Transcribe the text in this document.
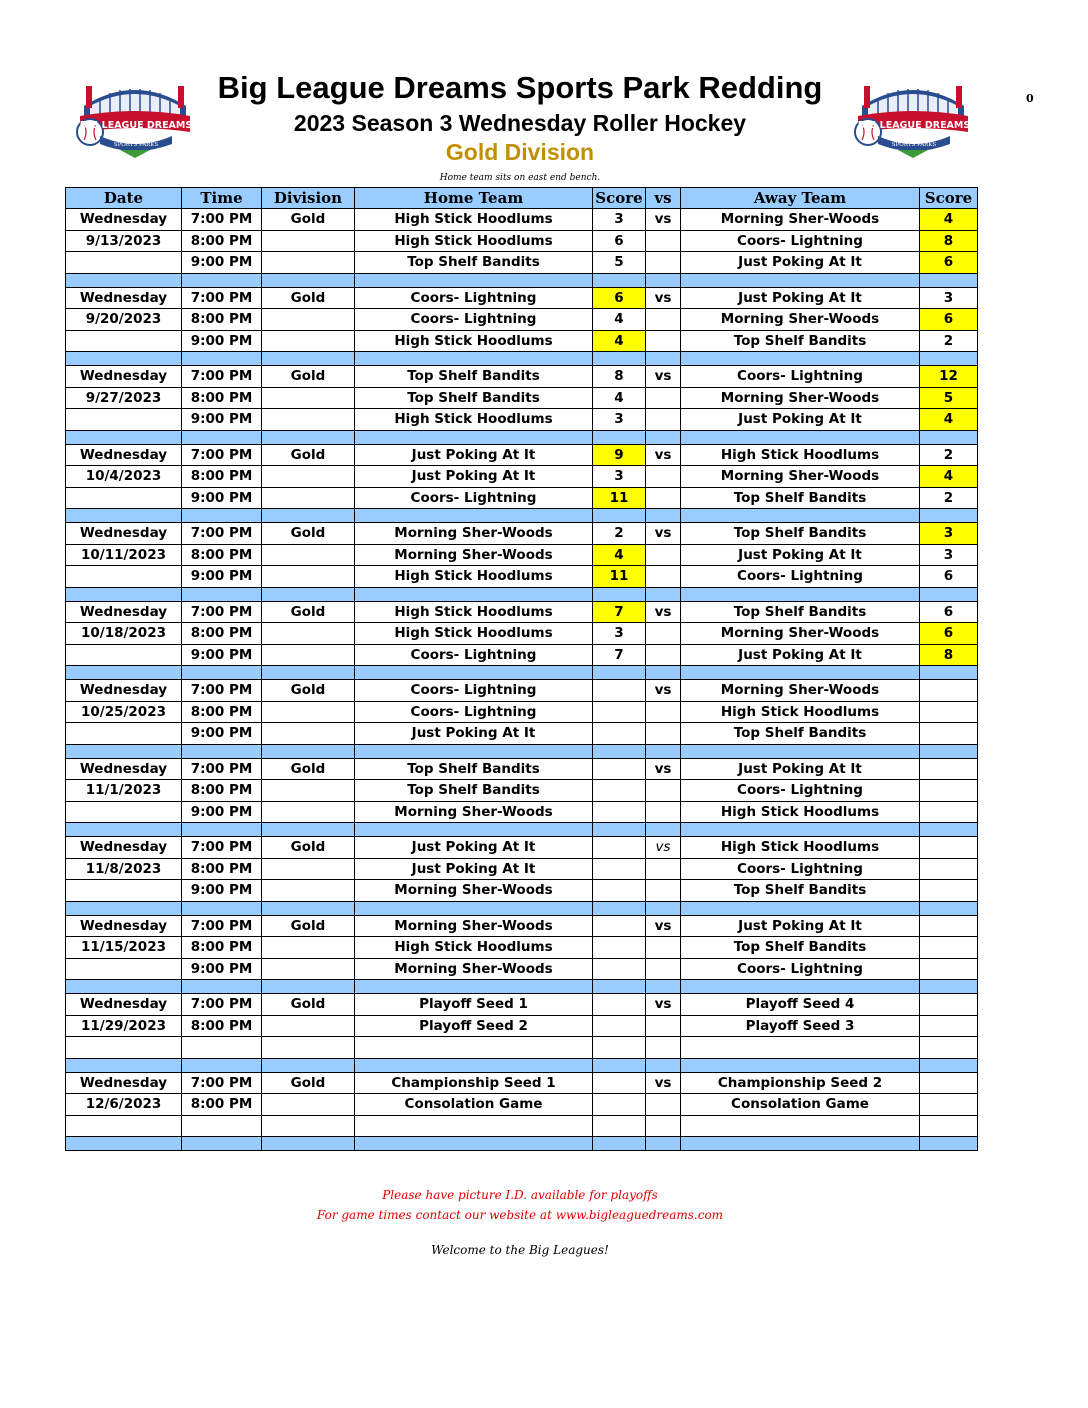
BIG LEAGUE DREAMS
SPORTS PARKS
BIG LEAGUE DREAMS
SPORTS PARKS
Big League Dreams Sports Park Redding
2023 Season 3 Wednesday Roller Hockey
Gold Division
0
Home team sits on east end bench.
Date	Time	Division	Home Team	Score	vs	Away Team	Score
Wednesday	7:00 PM	Gold	High Stick Hoodlums	3	vs	Morning Sher-Woods	4
9/13/2023	8:00 PM		High Stick Hoodlums	6		Coors- Lightning	8
	9:00 PM		Top Shelf Bandits	5		Just Poking At It	6

Wednesday	7:00 PM	Gold	Coors- Lightning	6	vs	Just Poking At It	3
9/20/2023	8:00 PM		Coors- Lightning	4		Morning Sher-Woods	6
	9:00 PM		High Stick Hoodlums	4		Top Shelf Bandits	2

Wednesday	7:00 PM	Gold	Top Shelf Bandits	8	vs	Coors- Lightning	12
9/27/2023	8:00 PM		Top Shelf Bandits	4		Morning Sher-Woods	5
	9:00 PM		High Stick Hoodlums	3		Just Poking At It	4

Wednesday	7:00 PM	Gold	Just Poking At It	9	vs	High Stick Hoodlums	2
10/4/2023	8:00 PM		Just Poking At It	3		Morning Sher-Woods	4
	9:00 PM		Coors- Lightning	11		Top Shelf Bandits	2

Wednesday	7:00 PM	Gold	Morning Sher-Woods	2	vs	Top Shelf Bandits	3
10/11/2023	8:00 PM		Morning Sher-Woods	4		Just Poking At It	3
	9:00 PM		High Stick Hoodlums	11		Coors- Lightning	6

Wednesday	7:00 PM	Gold	High Stick Hoodlums	7	vs	Top Shelf Bandits	6
10/18/2023	8:00 PM		High Stick Hoodlums	3		Morning Sher-Woods	6
	9:00 PM		Coors- Lightning	7		Just Poking At It	8

Wednesday	7:00 PM	Gold	Coors- Lightning		vs	Morning Sher-Woods	
10/25/2023	8:00 PM		Coors- Lightning			High Stick Hoodlums	
	9:00 PM		Just Poking At It			Top Shelf Bandits	

Wednesday	7:00 PM	Gold	Top Shelf Bandits		vs	Just Poking At It	
11/1/2023	8:00 PM		Top Shelf Bandits			Coors- Lightning	
	9:00 PM		Morning Sher-Woods			High Stick Hoodlums	

Wednesday	7:00 PM	Gold	Just Poking At It		vs	High Stick Hoodlums	
11/8/2023	8:00 PM		Just Poking At It			Coors- Lightning	
	9:00 PM		Morning Sher-Woods			Top Shelf Bandits	

Wednesday	7:00 PM	Gold	Morning Sher-Woods		vs	Just Poking At It	
11/15/2023	8:00 PM		High Stick Hoodlums			Top Shelf Bandits	
	9:00 PM		Morning Sher-Woods			Coors- Lightning	

Wednesday	7:00 PM	Gold	Playoff Seed 1		vs	Playoff Seed 4	
11/29/2023	8:00 PM		Playoff Seed 2			Playoff Seed 3	

Wednesday	7:00 PM	Gold	Championship Seed 1		vs	Championship Seed 2	
12/6/2023	8:00 PM		Consolation Game			Consolation Game	

Please have picture I.D. available for playoffs
For game times contact our website at www.bigleaguedreams.com
Welcome to the Big Leagues!
